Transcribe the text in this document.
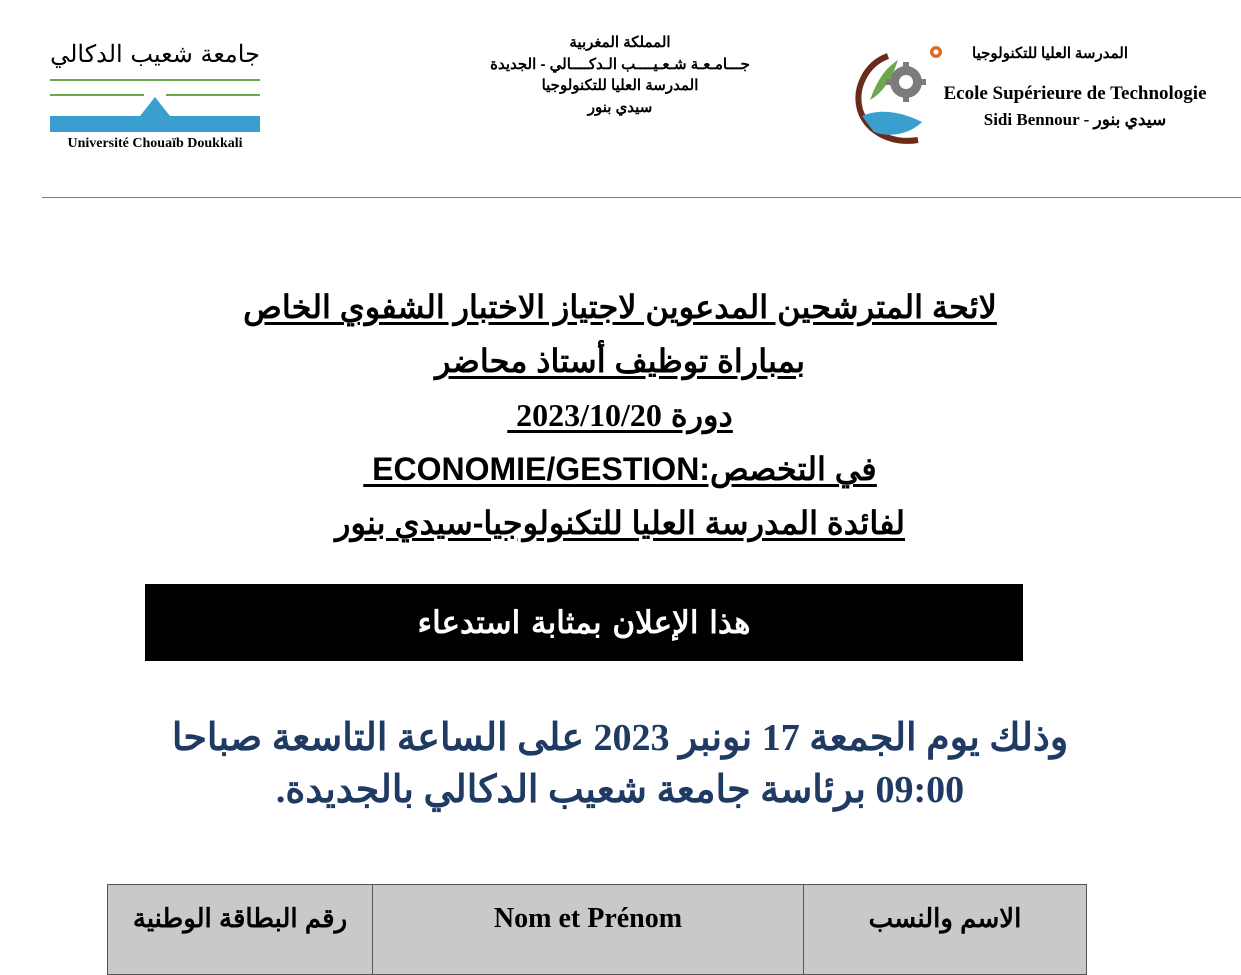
جامعة شعيب الدكالي
Université Chouaïb Doukkali
المملكة المغربية
جـــامـعـة شـعـيــــب الـدكــــالي - الجديدة
المدرسة العليا للتكنولوجيا
سيدي بنور
المدرسة العليا للتكنولوجيا
Ecole Supérieure de Technologie
Sidi Bennour - سيدي بنور
لائحة المترشحين المدعوين لاجتياز الاختبار الشفوي الخاص
بمباراة توظيف أستاذ محاضر
دورة 2023/10/20
في التخصص:ECONOMIE/GESTION
لفائدة المدرسة العليا للتكنولوجيا-سيدي بنور
هذا الإعلان بمثابة استدعاء
وذلك يوم الجمعة 17 نونبر 2023 على الساعة التاسعة صباحا
09:00 برئاسة جامعة شعيب الدكالي بالجديدة.
رقم البطاقة الوطنية	Nom et Prénom	الاسم والنسب
